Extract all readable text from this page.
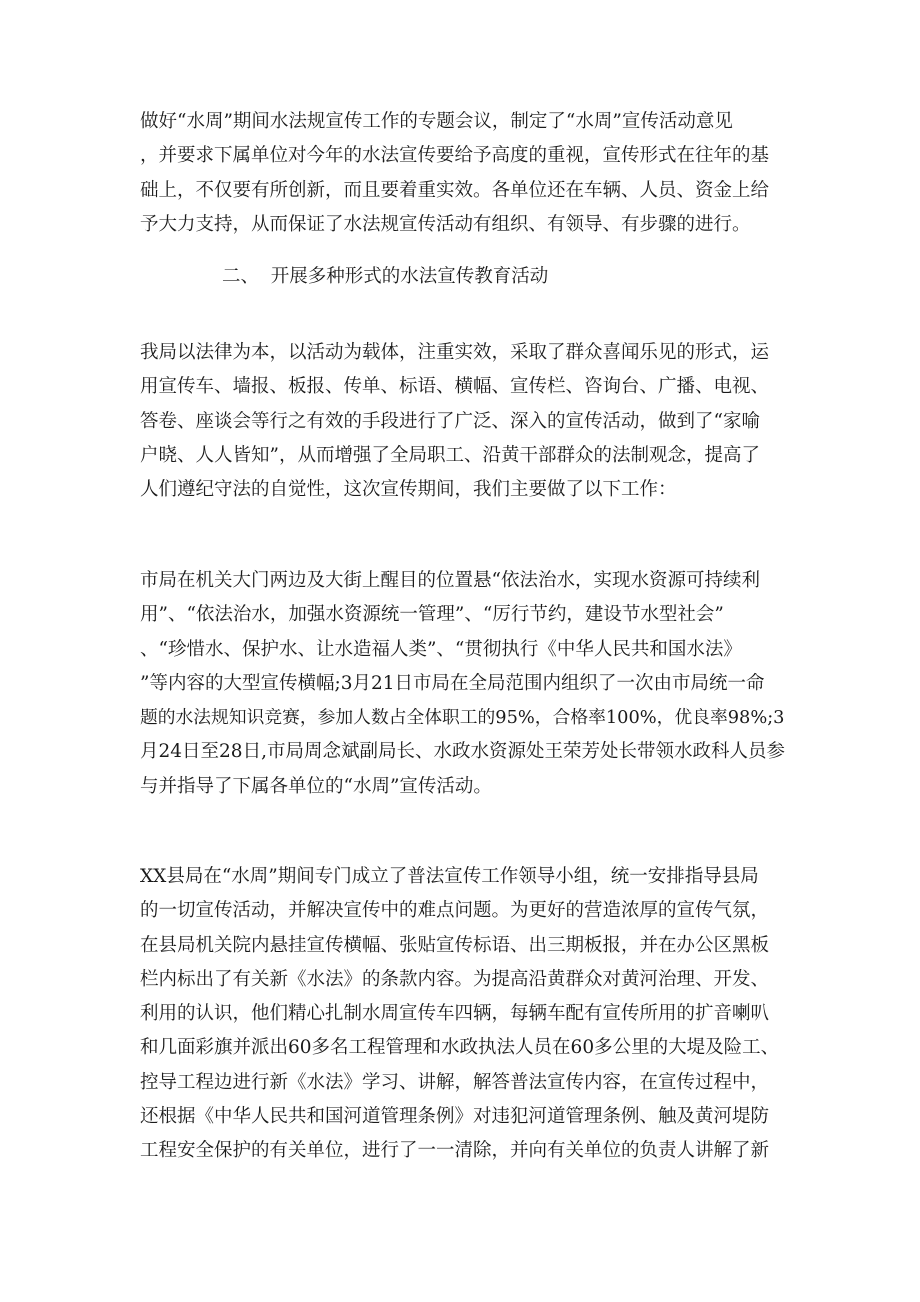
做好“水周”期间水法规宣传工作的专题会议，制定了“水周”宣传活动意见
，并要求下属单位对今年的水法宣传要给予高度的重视，宣传形式在往年的基
础上，不仅要有所创新，而且要着重实效。各单位还在车辆、人员、资金上给
予大力支持，从而保证了水法规宣传活动有组织、有领导、有步骤的进行。
二、  开展多种形式的水法宣传教育活动
我局以法律为本，以活动为载体，注重实效，采取了群众喜闻乐见的形式，运
用宣传车、墙报、板报、传单、标语、横幅、宣传栏、咨询台、广播、电视、
答卷、座谈会等行之有效的手段进行了广泛、深入的宣传活动，做到了“家喻
户晓、人人皆知”，从而增强了全局职工、沿黄干部群众的法制观念，提高了
人们遵纪守法的自觉性，这次宣传期间，我们主要做了以下工作：
市局在机关大门两边及大街上醒目的位置悬“依法治水，实现水资源可持续利
用”、“依法治水，加强水资源统一管理”、“厉行节约，建设节水型社会”
、“珍惜水、保护水、让水造福人类”、“贯彻执行《中华人民共和国水法》
”等内容的大型宣传横幅;3月21日市局在全局范围内组织了一次由市局统一命
题的水法规知识竞赛，参加人数占全体职工的95%，合格率100%，优良率98%;3
月24日至28日,市局周念斌副局长、水政水资源处王荣芳处长带领水政科人员参
与并指导了下属各单位的“水周”宣传活动。
XX县局在“水周”期间专门成立了普法宣传工作领导小组，统一安排指导县局
的一切宣传活动，并解决宣传中的难点问题。为更好的营造浓厚的宣传气氛，
在县局机关院内悬挂宣传横幅、张贴宣传标语、出三期板报，并在办公区黑板
栏内标出了有关新《水法》的条款内容。为提高沿黄群众对黄河治理、开发、
利用的认识，他们精心扎制水周宣传车四辆，每辆车配有宣传所用的扩音喇叭
和几面彩旗并派出60多名工程管理和水政执法人员在60多公里的大堤及险工、
控导工程边进行新《水法》学习、讲解，解答普法宣传内容，在宣传过程中，
还根据《中华人民共和国河道管理条例》对违犯河道管理条例、触及黄河堤防
工程安全保护的有关单位，进行了一一清除，并向有关单位的负责人讲解了新
